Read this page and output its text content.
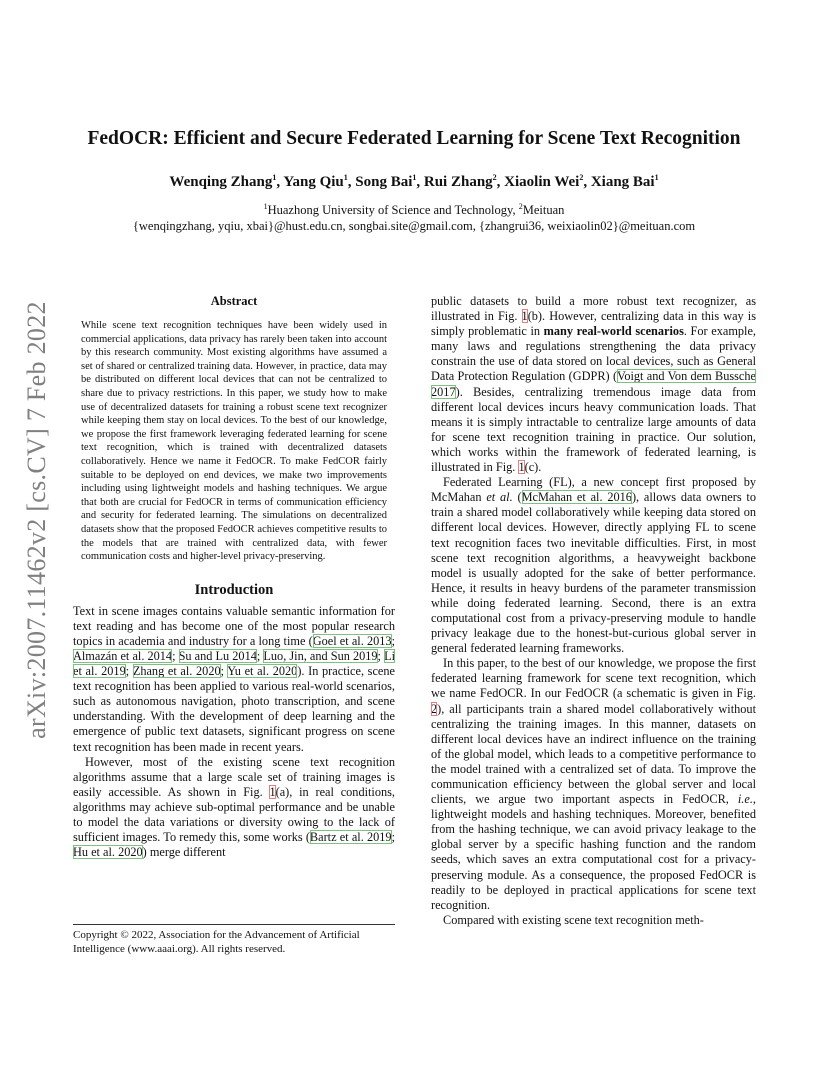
arXiv:2007.11462v2 [cs.CV] 7 Feb 2022
FedOCR: Efficient and Secure Federated Learning for Scene Text Recognition
Wenqing Zhang$^1$, Yang Qiu$^1$, Song Bai$^1$, Rui Zhang$^2$, Xiaolin Wei$^2$, Xiang Bai$^1$
$^1$Huazhong University of Science and Technology, $^2$Meituan
{wenqingzhang, yqiu, xbai}@hust.edu.cn, songbai.site@gmail.com, {zhangrui36, weixiaolin02}@meituan.com
Abstract

While scene text recognition techniques have been widely used in commercial applications, data privacy has rarely been taken into account by this research community. Most existing algorithms have assumed a set of shared or centralized training data. However, in practice, data may be distributed on different local devices that can not be centralized to share due to privacy restrictions. In this paper, we study how to make use of decentralized datasets for training a robust scene text recognizer while keeping them stay on local devices. To the best of our knowledge, we propose the first framework leveraging federated learning for scene text recognition, which is trained with decentralized datasets collaboratively. Hence we name it FedOCR. To make FedCOR fairly suitable to be deployed on end devices, we make two improvements including using lightweight models and hashing techniques. We argue that both are crucial for FedOCR in terms of communication efficiency and security for federated learning. The simulations on decentralized datasets show that the proposed FedOCR achieves competitive results to the models that are trained with centralized data, with fewer communication costs and higher-level privacy-preserving.

Introduction

Text in scene images contains valuable semantic information for text reading and has become one of the most popular research topics in academia and industry for a long time (Goel et al. 2013; Almazán et al. 2014; Su and Lu 2014; Luo, Jin, and Sun 2019; Li et al. 2019; Zhang et al. 2020; Yu et al. 2020). In practice, scene text recognition has been applied to various real-world scenarios, such as autonomous navigation, photo transcription, and scene understanding. With the development of deep learning and the emergence of public text datasets, significant progress on scene text recognition has been made in recent years.

However, most of the existing scene text recognition algorithms assume that a large scale set of training images is easily accessible. As shown in Fig. 1(a), in real conditions, algorithms may achieve sub-optimal performance and be unable to model the data variations or diversity owing to the lack of sufficient images. To remedy this, some works (Bartz et al. 2019; Hu et al. 2020) merge different

Copyright © 2022, Association for the Advancement of Artificial Intelligence (www.aaai.org). All rights reserved.

public datasets to build a more robust text recognizer, as illustrated in Fig. 1(b). However, centralizing data in this way is simply problematic in many real-world scenarios. For example, many laws and regulations strengthening the data privacy constrain the use of data stored on local devices, such as General Data Protection Regulation (GDPR) (Voigt and Von dem Bussche 2017). Besides, centralizing tremendous image data from different local devices incurs heavy communication loads. That means it is simply intractable to centralize large amounts of data for scene text recognition training in practice. Our solution, which works within the framework of federated learning, is illustrated in Fig. 1(c).

Federated Learning (FL), a new concept first proposed by McMahan et al. (McMahan et al. 2016), allows data owners to train a shared model collaboratively while keeping data stored on different local devices. However, directly applying FL to scene text recognition faces two inevitable difficulties. First, in most scene text recognition algorithms, a heavyweight backbone model is usually adopted for the sake of better performance. Hence, it results in heavy burdens of the parameter transmission while doing federated learning. Second, there is an extra computational cost from a privacy-preserving module to handle privacy leakage due to the honest-but-curious global server in general federated learning frameworks.

In this paper, to the best of our knowledge, we propose the first federated learning framework for scene text recognition, which we name FedOCR. In our FedOCR (a schematic is given in Fig. 2), all participants train a shared model collaboratively without centralizing the training images. In this manner, datasets on different local devices have an indirect influence on the training of the global model, which leads to a competitive performance to the model trained with a centralized set of data. To improve the communication efficiency between the global server and local clients, we argue two important aspects in FedOCR, i.e., lightweight models and hashing techniques. Moreover, benefited from the hashing technique, we can avoid privacy leakage to the global server by a specific hashing function and the random seeds, which saves an extra computational cost for a privacy-preserving module. As a consequence, the proposed FedOCR is readily to be deployed in practical applications for scene text recognition.

Compared with existing scene text recognition meth-
